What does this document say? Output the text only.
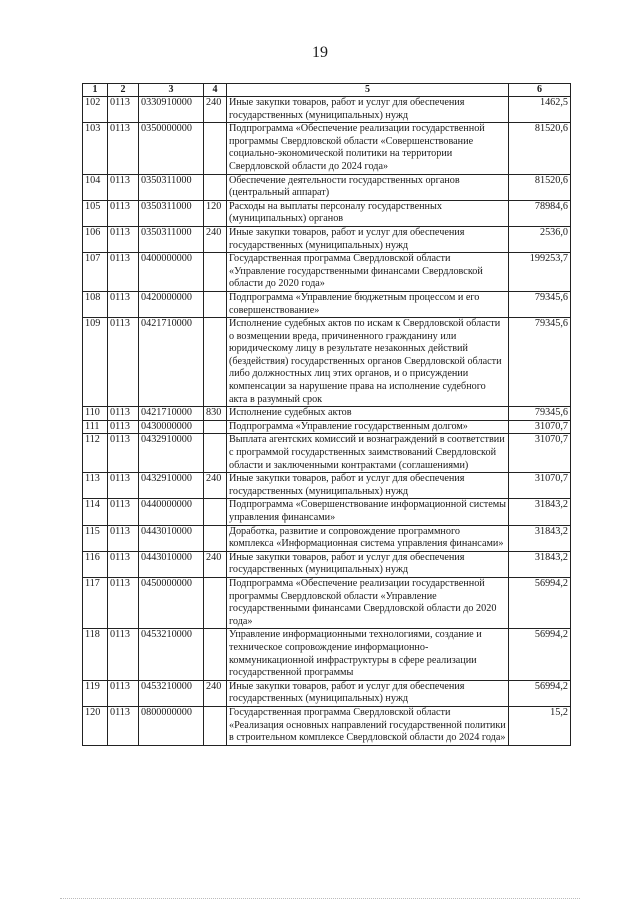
19
1	2	3	4	5	6
102	0113	0330910000	240	Иные закупки товаров, работ и услуг для обеспечения государственных (муниципальных) нужд	1462,5
103	0113	0350000000		Подпрограмма «Обеспечение реализации государственной программы Свердловской области «Совершенствование социально-экономической политики на территории Свердловской области до 2024 года»	81520,6
104	0113	0350311000		Обеспечение деятельности государственных органов (центральный аппарат)	81520,6
105	0113	0350311000	120	Расходы на выплаты персоналу государственных (муниципальных) органов	78984,6
106	0113	0350311000	240	Иные закупки товаров, работ и услуг для обеспечения государственных (муниципальных) нужд	2536,0
107	0113	0400000000		Государственная программа Свердловской области «Управление государственными финансами Свердловской области до 2020 года»	199253,7
108	0113	0420000000		Подпрограмма «Управление бюджетным процессом и его совершенствование»	79345,6
109	0113	0421710000		Исполнение судебных актов по искам к Свердловской области о возмещении вреда, причиненного гражданину или юридическому лицу в результате незаконных действий (бездействия) государственных органов Свердловской области либо должностных лиц этих органов, и о присуждении компенсации за нарушение права на исполнение судебного акта в разумный срок	79345,6
110	0113	0421710000	830	Исполнение судебных актов	79345,6
111	0113	0430000000		Подпрограмма «Управление государственным долгом»	31070,7
112	0113	0432910000		Выплата агентских комиссий и вознаграждений в соответствии с программой государственных заимствований Свердловской области и заключенными контрактами (соглашениями)	31070,7
113	0113	0432910000	240	Иные закупки товаров, работ и услуг для обеспечения государственных (муниципальных) нужд	31070,7
114	0113	0440000000		Подпрограмма «Совершенствование информационной системы управления финансами»	31843,2
115	0113	0443010000		Доработка, развитие и сопровождение программного комплекса «Информационная система управления финансами»	31843,2
116	0113	0443010000	240	Иные закупки товаров, работ и услуг для обеспечения государственных (муниципальных) нужд	31843,2
117	0113	0450000000		Подпрограмма «Обеспечение реализации государственной программы Свердловской области «Управление государственными финансами Свердловской области до 2020 года»	56994,2
118	0113	0453210000		Управление информационными технологиями, создание и техническое сопровождение информационно-коммуникационной инфраструктуры в сфере реализации государственной программы	56994,2
119	0113	0453210000	240	Иные закупки товаров, работ и услуг для обеспечения государственных (муниципальных) нужд	56994,2
120	0113	0800000000		Государственная программа Свердловской области «Реализация основных направлений государственной политики в строительном комплексе Свердловской области до 2024 года»	15,2
